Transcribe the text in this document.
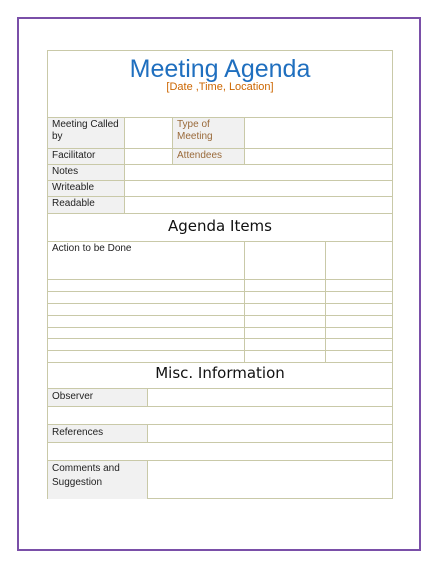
Meeting Agenda
[Date ,Time, Location]
Meeting Called by
Facilitator
Type of Meeting
Attendees
Notes
Writeable
Readable
Agenda Items
Action to be Done
Misc. Information
Observer
References
Comments and Suggestion
